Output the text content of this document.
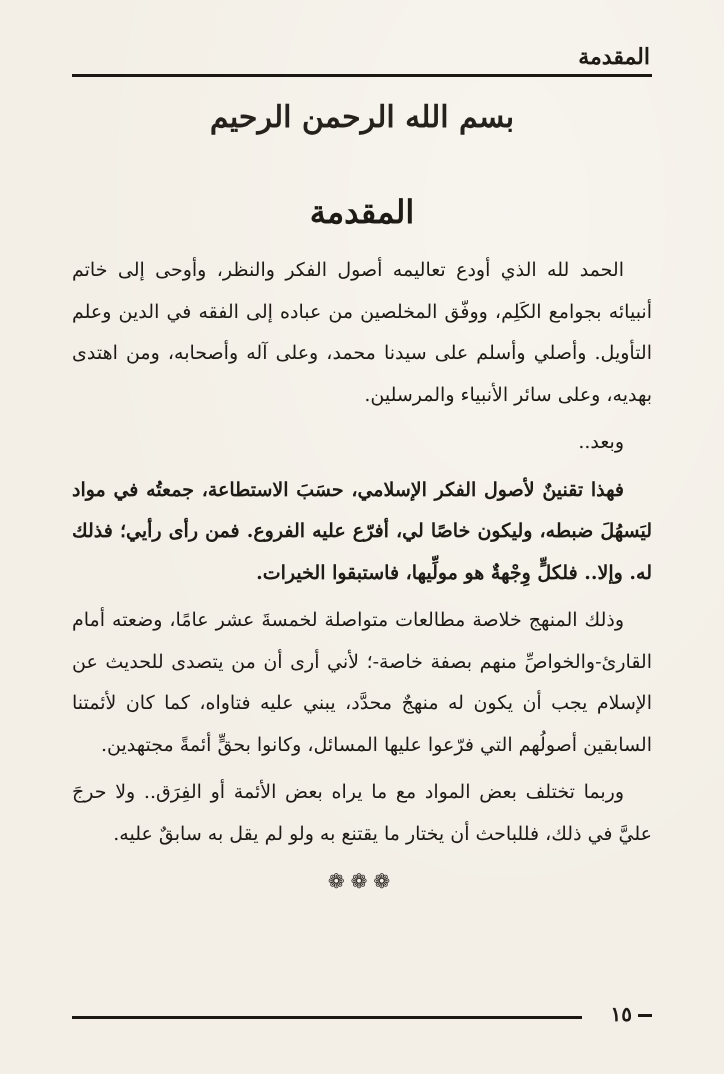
المقدمة
بسم الله الرحمن الرحيم
المقدمة

الحمد لله الذي أودع تعاليمه أصول الفكر والنظر، وأوحى إلى خاتم أنبيائه بجوامع الكَلِم، ووفّق المخلصين من عباده إلى الفقه في الدين وعلم التأويل. وأصلي وأسلم على سيدنا محمد، وعلى آله وأصحابه، ومن اهتدى بهديه، وعلى سائر الأنبياء والمرسلين.

وبعد..

فهذا تقنينٌ لأصول الفكر الإسلامي، حسَبَ الاستطاعة، جمعتُه في مواد ليَسهُلَ ضبطه، وليكون خاصًا لي، أفرّع عليه الفروع. فمن رأى رأيي؛ فذلك له. وإلا.. فلكلٍّ وِجْهةٌ هو مولِّيها، فاستبقوا الخيرات.

وذلك المنهج خلاصة مطالعات متواصلة لخمسةَ عشر عامًا، وضعته أمام القارئ-والخواصِّ منهم بصفة خاصة-؛ لأني أرى أن من يتصدى للحديث عن الإسلام يجب أن يكون له منهجٌ محدَّد، يبني عليه فتاواه، كما كان لأئمتنا السابقين أصولُهم التي فرّعوا عليها المسائل، وكانوا بحقٍّ أئمةً مجتهدين.

وربما تختلف بعض المواد مع ما يراه بعض الأئمة أو الفِرَق.. ولا حرجَ عليَّ في ذلك، فللباحث أن يختار ما يقتنع به ولو لم يقل به سابقٌ عليه.

❁❁❁
١٥
